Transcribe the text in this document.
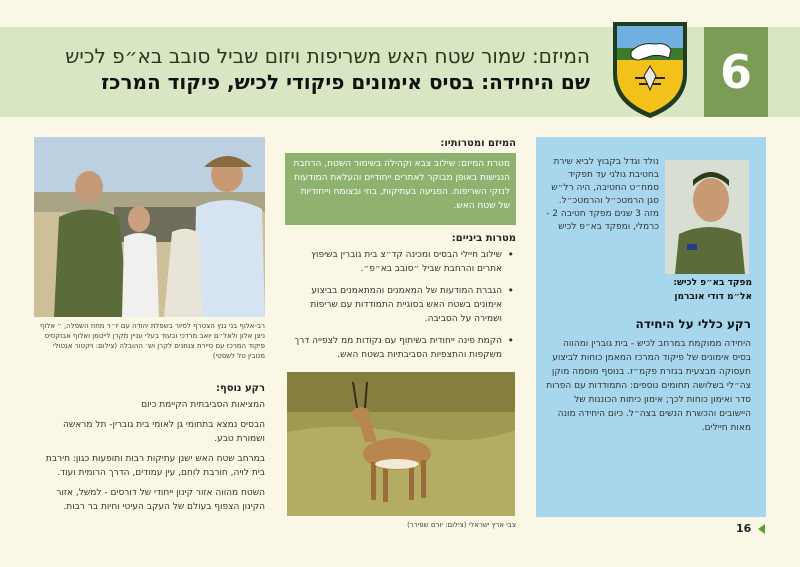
6
המיזם: שמור שטח האש משריפות ויזום שביל סובב בא״פ לכיש
שם היחידה: בסיס אימונים פיקודי לכיש, פיקוד המרכז
רב-אלוף בני גנץ הצטרף לסיור בשפלת יהודה עם יו״ר מחוז השפלה, ״ אלוף ניצן אלון ולאל״ם יואב מרדכי ובעוד בעלי עניין מקרן לייטמן ואלוף אבוקסיס פיקוד המרכז עם סיירת צנחנים לקרן וש׳ ההובלה (צילום: ויקטור אנטולי מנובין טל לשפטי)
רקע נוסף:

המציאות הסביבתית הקיימת כיום

הבסיס נמצא בתחומי גן לאומי בית גוברין- תל מראשה ושמורת טבע.

במרחב שטח האש ישנן עתיקות רבות ותופעות כגון: חירבת בית לויה, חורבת לוחם, עין עמודים, הדרך הרומית ועוד.

השטח מהווה אזור קינון ייחודי של דורסים - למשל, אזור הקינון הצפוף בעולם של העקב העיטי וחיות בר רבות.

המיזם ומטרותיו:
מטרת המיזם: שילוב צבא וקהילה בשימור השטח, הרחבת הנגישות באופן מבוקר לאתרים ייחודיים והעלאת המודעות לנזקי השריפות. הפגיעה בעתיקות, בחי ובצומח וייחודיות של שטח האש.
מטרות ביניים:
• שילוב חיילי הבסיס ומכינה קד״צ בית גוברין בשיפוץ אתרים והרחבת שביל ״סובב בא״פ״.
• הגברת המודעות של המאמנים והמתאמנים בביצוע אימונים בשטח האש בסוגיית התמודדות עם שריפות ושמירה על הסביבה.
• הקמת פינה ייחודית בשיתוף עם נקודות ממ לצפייה דרך משקפות והתצפיות הסביבתיות בשטח האש.
צבי ארץ ישראלי (צילום: יורם שפירר)
נולד וגדל בקבוץ לביא שירת בחטיבת גולני עד תפקיד סמח״ט החטיבה, היה רל״ש סגן הרמטכ״ל והרמטכ״ל. מזה 3 שנים מפקד חטיבה 2 - כרמלי, ומפקד בא״פ לכיש
מפקד בא״פ לכיש:
אל״מ דודי אוברמן
רקע כללי על היחידה
היחידה ממוקמת במרחב לכיש - בית גוברין ומהווה בסיס אימונים של פיקוד המרכז המאמן כוחות לביצוע תעסוקה מבצעית בגזרת פקמ״ז. בנוסף מוסמה מוקן צה״לי בשלושה תחומים נוספים: התמודדות עם הפרות סדר ואימון כוחות לכך; אימון כיתות הכוננות של היישובים והכשרת הנשים בצה״ל. כיום היחידה מונה מאות חיילים.
16
